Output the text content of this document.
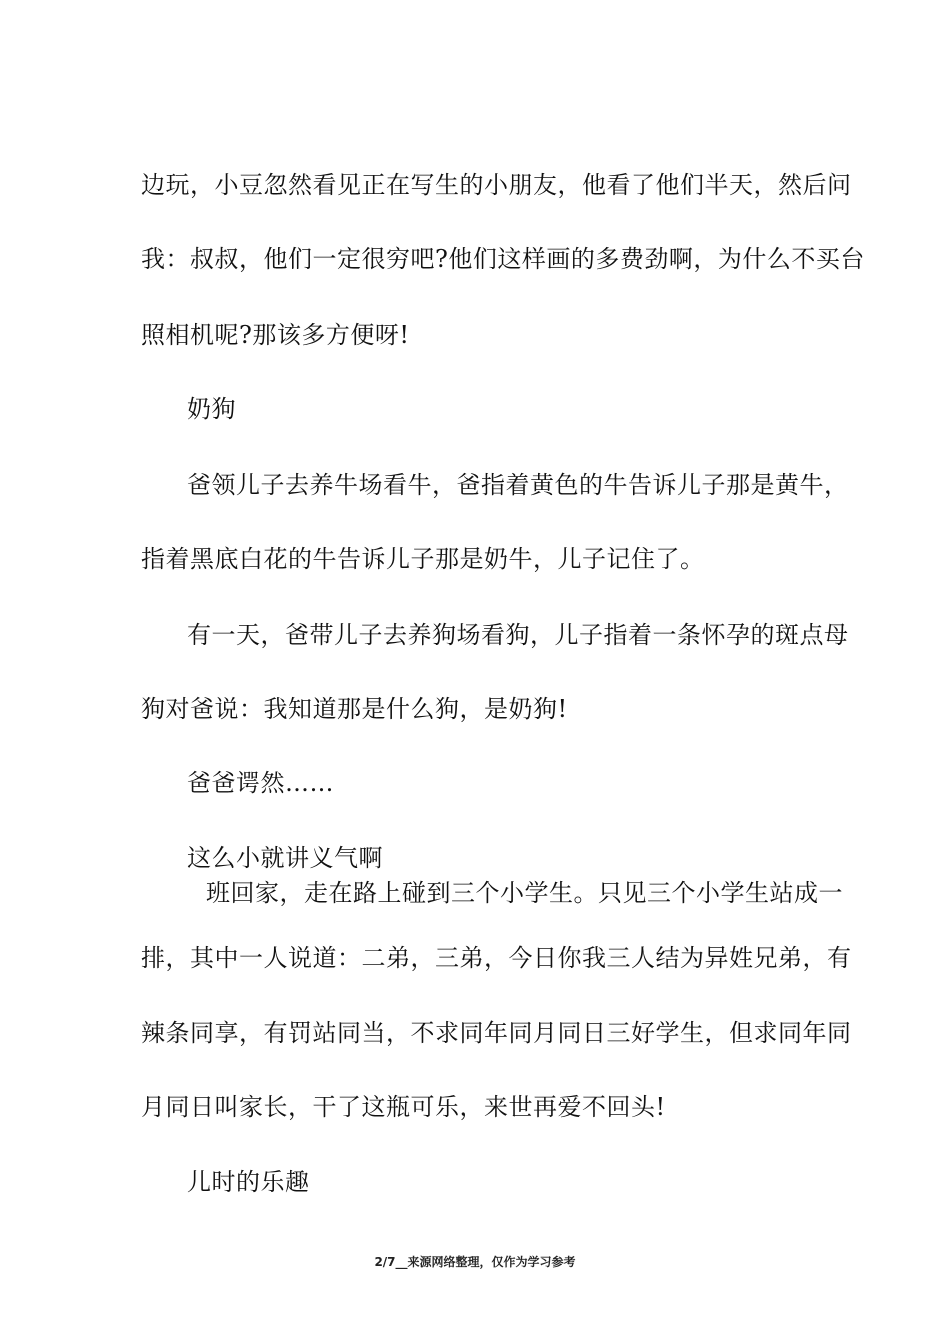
边玩，小豆忽然看见正在写生的小朋友，他看了他们半天，然后问

我：叔叔，他们一定很穷吧?他们这样画的多费劲啊，为什么不买台

照相机呢?那该多方便呀!

奶狗

爸领儿子去养牛场看牛，爸指着黄色的牛告诉儿子那是黄牛，

指着黑底白花的牛告诉儿子那是奶牛，儿子记住了。

有一天，爸带儿子去养狗场看狗，儿子指着一条怀孕的斑点母

狗对爸说：我知道那是什么狗，是奶狗!

爸爸谔然……

这么小就讲义气啊

班回家，走在路上碰到三个小学生。只见三个小学生站成一

排，其中一人说道：二弟，三弟，今日你我三人结为异姓兄弟，有

辣条同享，有罚站同当，不求同年同月同日三好学生，但求同年同

月同日叫家长，干了这瓶可乐，来世再爱不回头!

儿时的乐趣

2/7__来源网络整理，仅作为学习参考
